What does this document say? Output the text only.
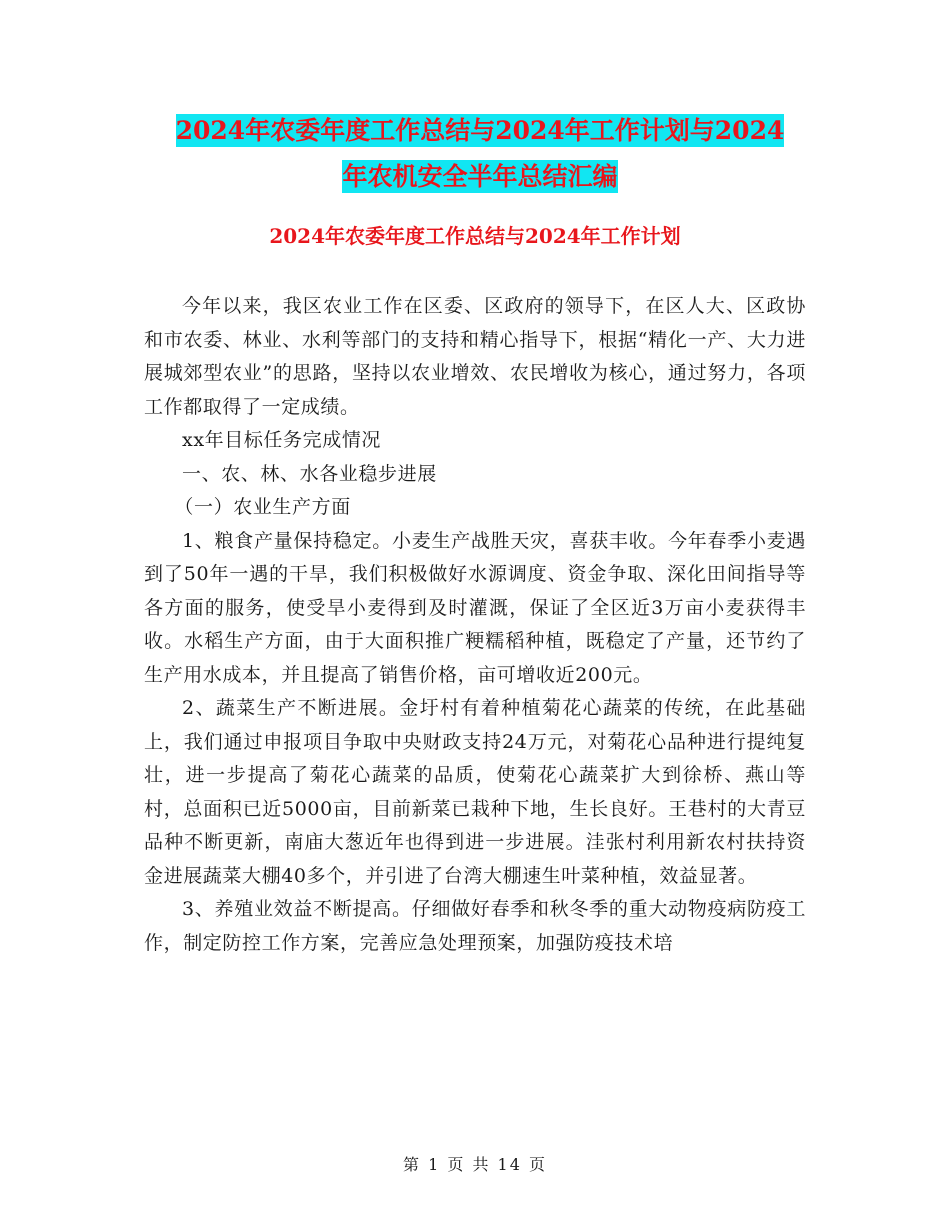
2024年农委年度工作总结与2024年工作计划与2024
年农机安全半年总结汇编
2024年农委年度工作总结与2024年工作计划

今年以来，我区农业工作在区委、区政府的领导下，在区人大、区政协和市农委、林业、水利等部门的支持和精心指导下，根据“精化一产、大力进展城郊型农业”的思路，坚持以农业增效、农民增收为核心，通过努力，各项工作都取得了一定成绩。

xx年目标任务完成情况

一、农、林、水各业稳步进展

（一）农业生产方面

1、粮食产量保持稳定。小麦生产战胜天灾，喜获丰收。今年春季小麦遇到了50年一遇的干旱，我们积极做好水源调度、资金争取、深化田间指导等各方面的服务，使受旱小麦得到及时灌溉，保证了全区近3万亩小麦获得丰收。水稻生产方面，由于大面积推广粳糯稻种植，既稳定了产量，还节约了生产用水成本，并且提高了销售价格，亩可增收近200元。

2、蔬菜生产不断进展。金圩村有着种植菊花心蔬菜的传统，在此基础上，我们通过申报项目争取中央财政支持24万元，对菊花心品种进行提纯复壮，进一步提高了菊花心蔬菜的品质，使菊花心蔬菜扩大到徐桥、燕山等村，总面积已近5000亩，目前新菜已栽种下地，生长良好。王巷村的大青豆品种不断更新，南庙大葱近年也得到进一步进展。洼张村利用新农村扶持资金进展蔬菜大棚40多个，并引进了台湾大棚速生叶菜种植，效益显著。

3、养殖业效益不断提高。仔细做好春季和秋冬季的重大动物疫病防疫工作，制定防控工作方案，完善应急处理预案，加强防疫技术培

第 1 页 共 14 页
